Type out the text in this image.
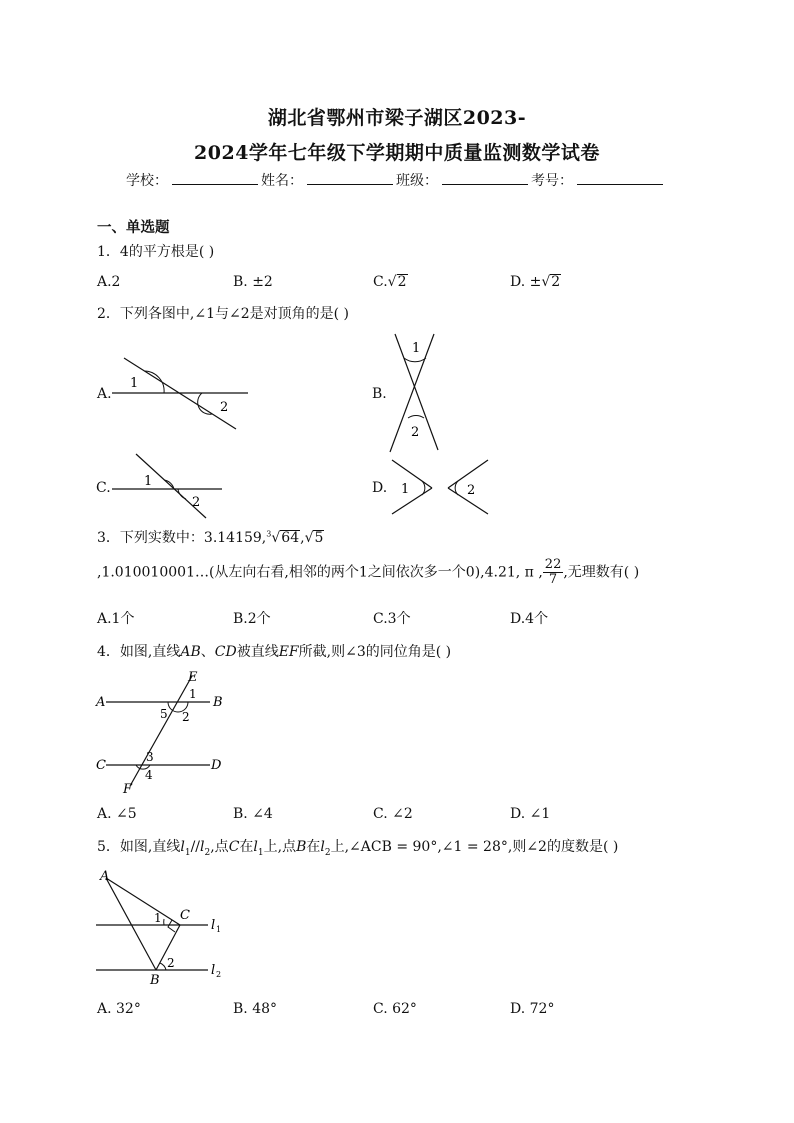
湖北省鄂州市梁子湖区2023-
2024学年七年级下学期期中质量监测数学试卷
学校：	姓名：	班级：	考号：
一、单选题
1．4的平方根是( )
A.2	B. ±2	C.√2	D. ±√2
2．下列各图中,∠1与∠2是对顶角的是( )
A.
1
2
B.
1
2
C.	1
2
D. 1	2
3．下列实数中：3.14159,$^3$√64,√5
,1.010010001…(从左向右看,相邻的两个1之间依次多一个0),4.21, π , $\frac{22}{7}$ ,无理数有( )
A.1个	B.2个	C.3个	D.4个
4．如图,直线AB、CD被直线EF所截,则∠3的同位角是( )
A	B
C	D
E
F
1
2
3
4
5
A. ∠5	B. ∠4	C. ∠2	D. ∠1
5．如图,直线$l_1//l_2$,点C在$l_1$上,点B在$l_2$上,∠ACB = 90°,∠1 = 28°,则∠2的度数是( )
A
C
B
1
2
l 1
l 2
A. 32°	B. 48°	C. 62°	D. 72°
